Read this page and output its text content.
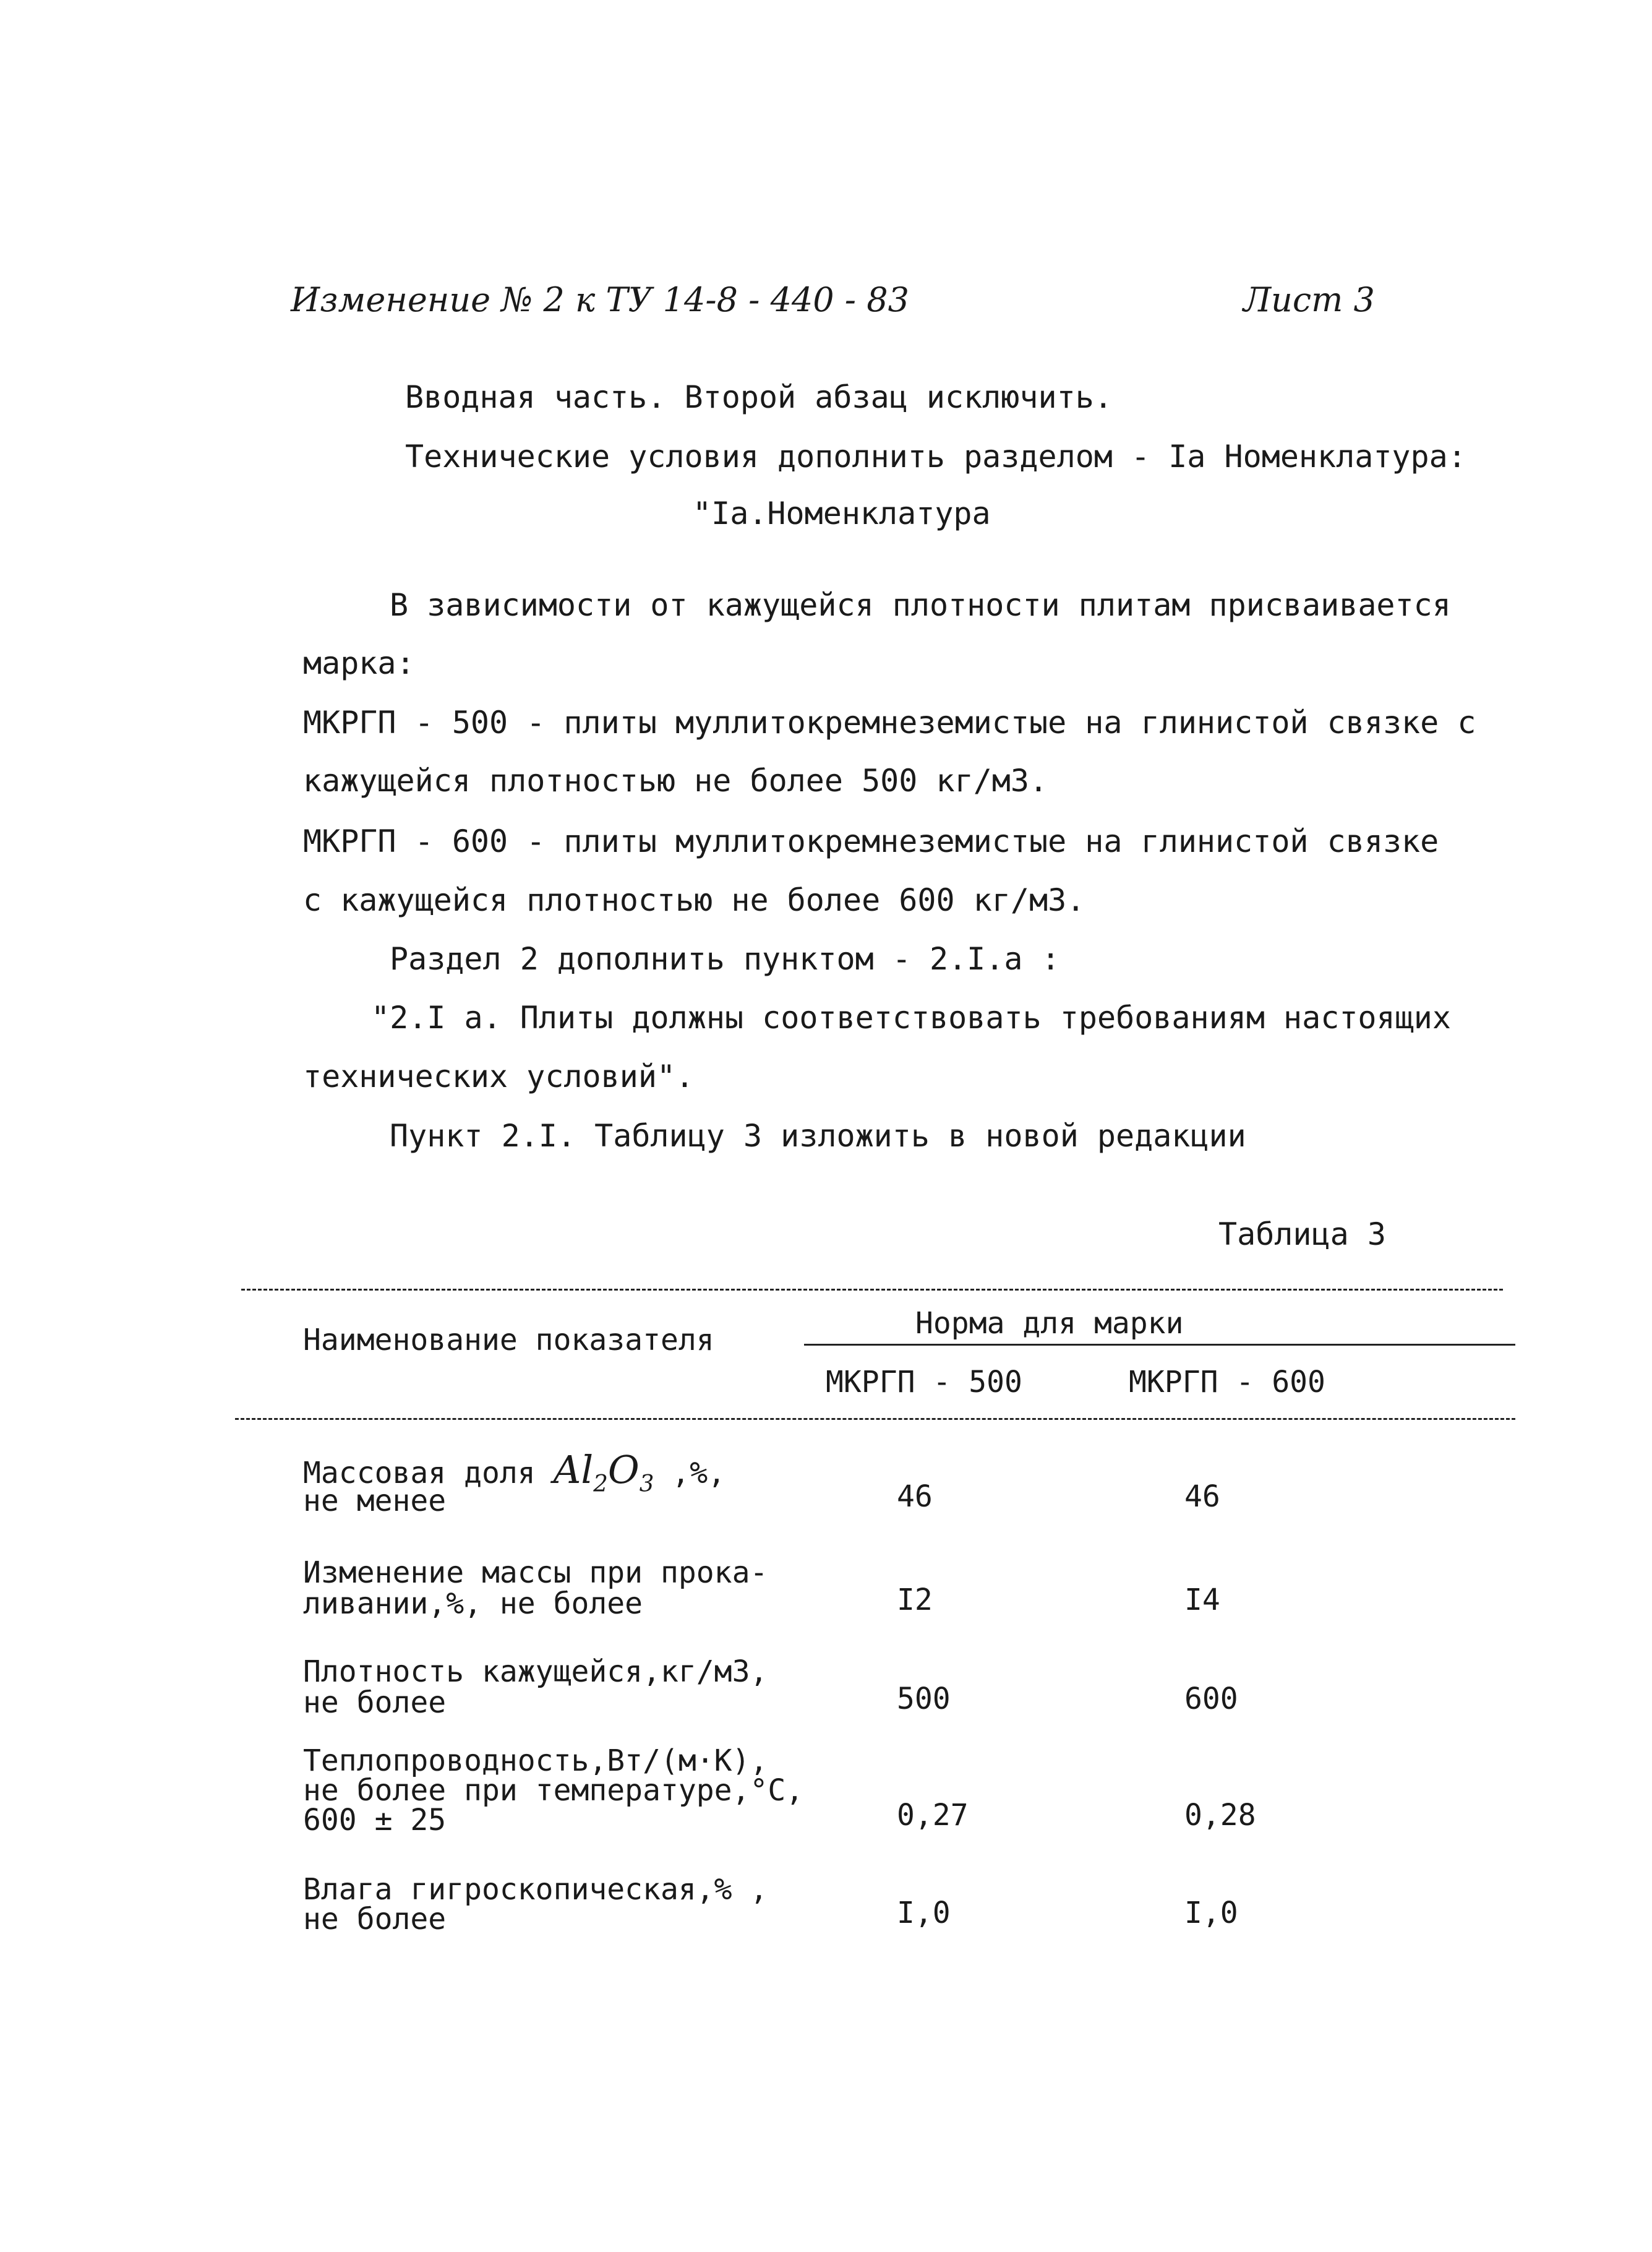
Изменение № 2 к ТУ 14-8 - 440 - 83	Лист 3
Вводная часть. Второй абзац исключить.
Технические условия дополнить разделом - Iа Номенклатура:
"Iа.Номенклатура
В зависимости от кажущейся плотности плитам присваивается
марка:
МКРГП - 500 - плиты муллитокремнеземистые на глинистой связке с
кажущейся плотностью не более 500 кг/м3.
МКРГП - 600 - плиты муллитокремнеземистые на глинистой связке
с кажущейся плотностью не более 600 кг/м3.
Раздел 2 дополнить пунктом - 2.I.а :
"2.I а. Плиты должны соответствовать требованиям настоящих
технических условий".
Пункт 2.I. Таблицу 3 изложить в новой редакции
Таблица 3
Наименование показателя	Норма для марки
МКРГП - 500	МКРГП - 600
Массовая доля $Al_2O_3$ ,%,
не менее	46	46
Изменение массы при прока-
ливании,%, не более	I2	I4
Плотность кажущейся,кг/м3,
не более	500	600
Теплопроводность,Вт/(м·К),
не более при температуре,°С,
600 ± 25	0,27	0,28
Влага гигроскопическая,% ,
не более	I,0	I,0
